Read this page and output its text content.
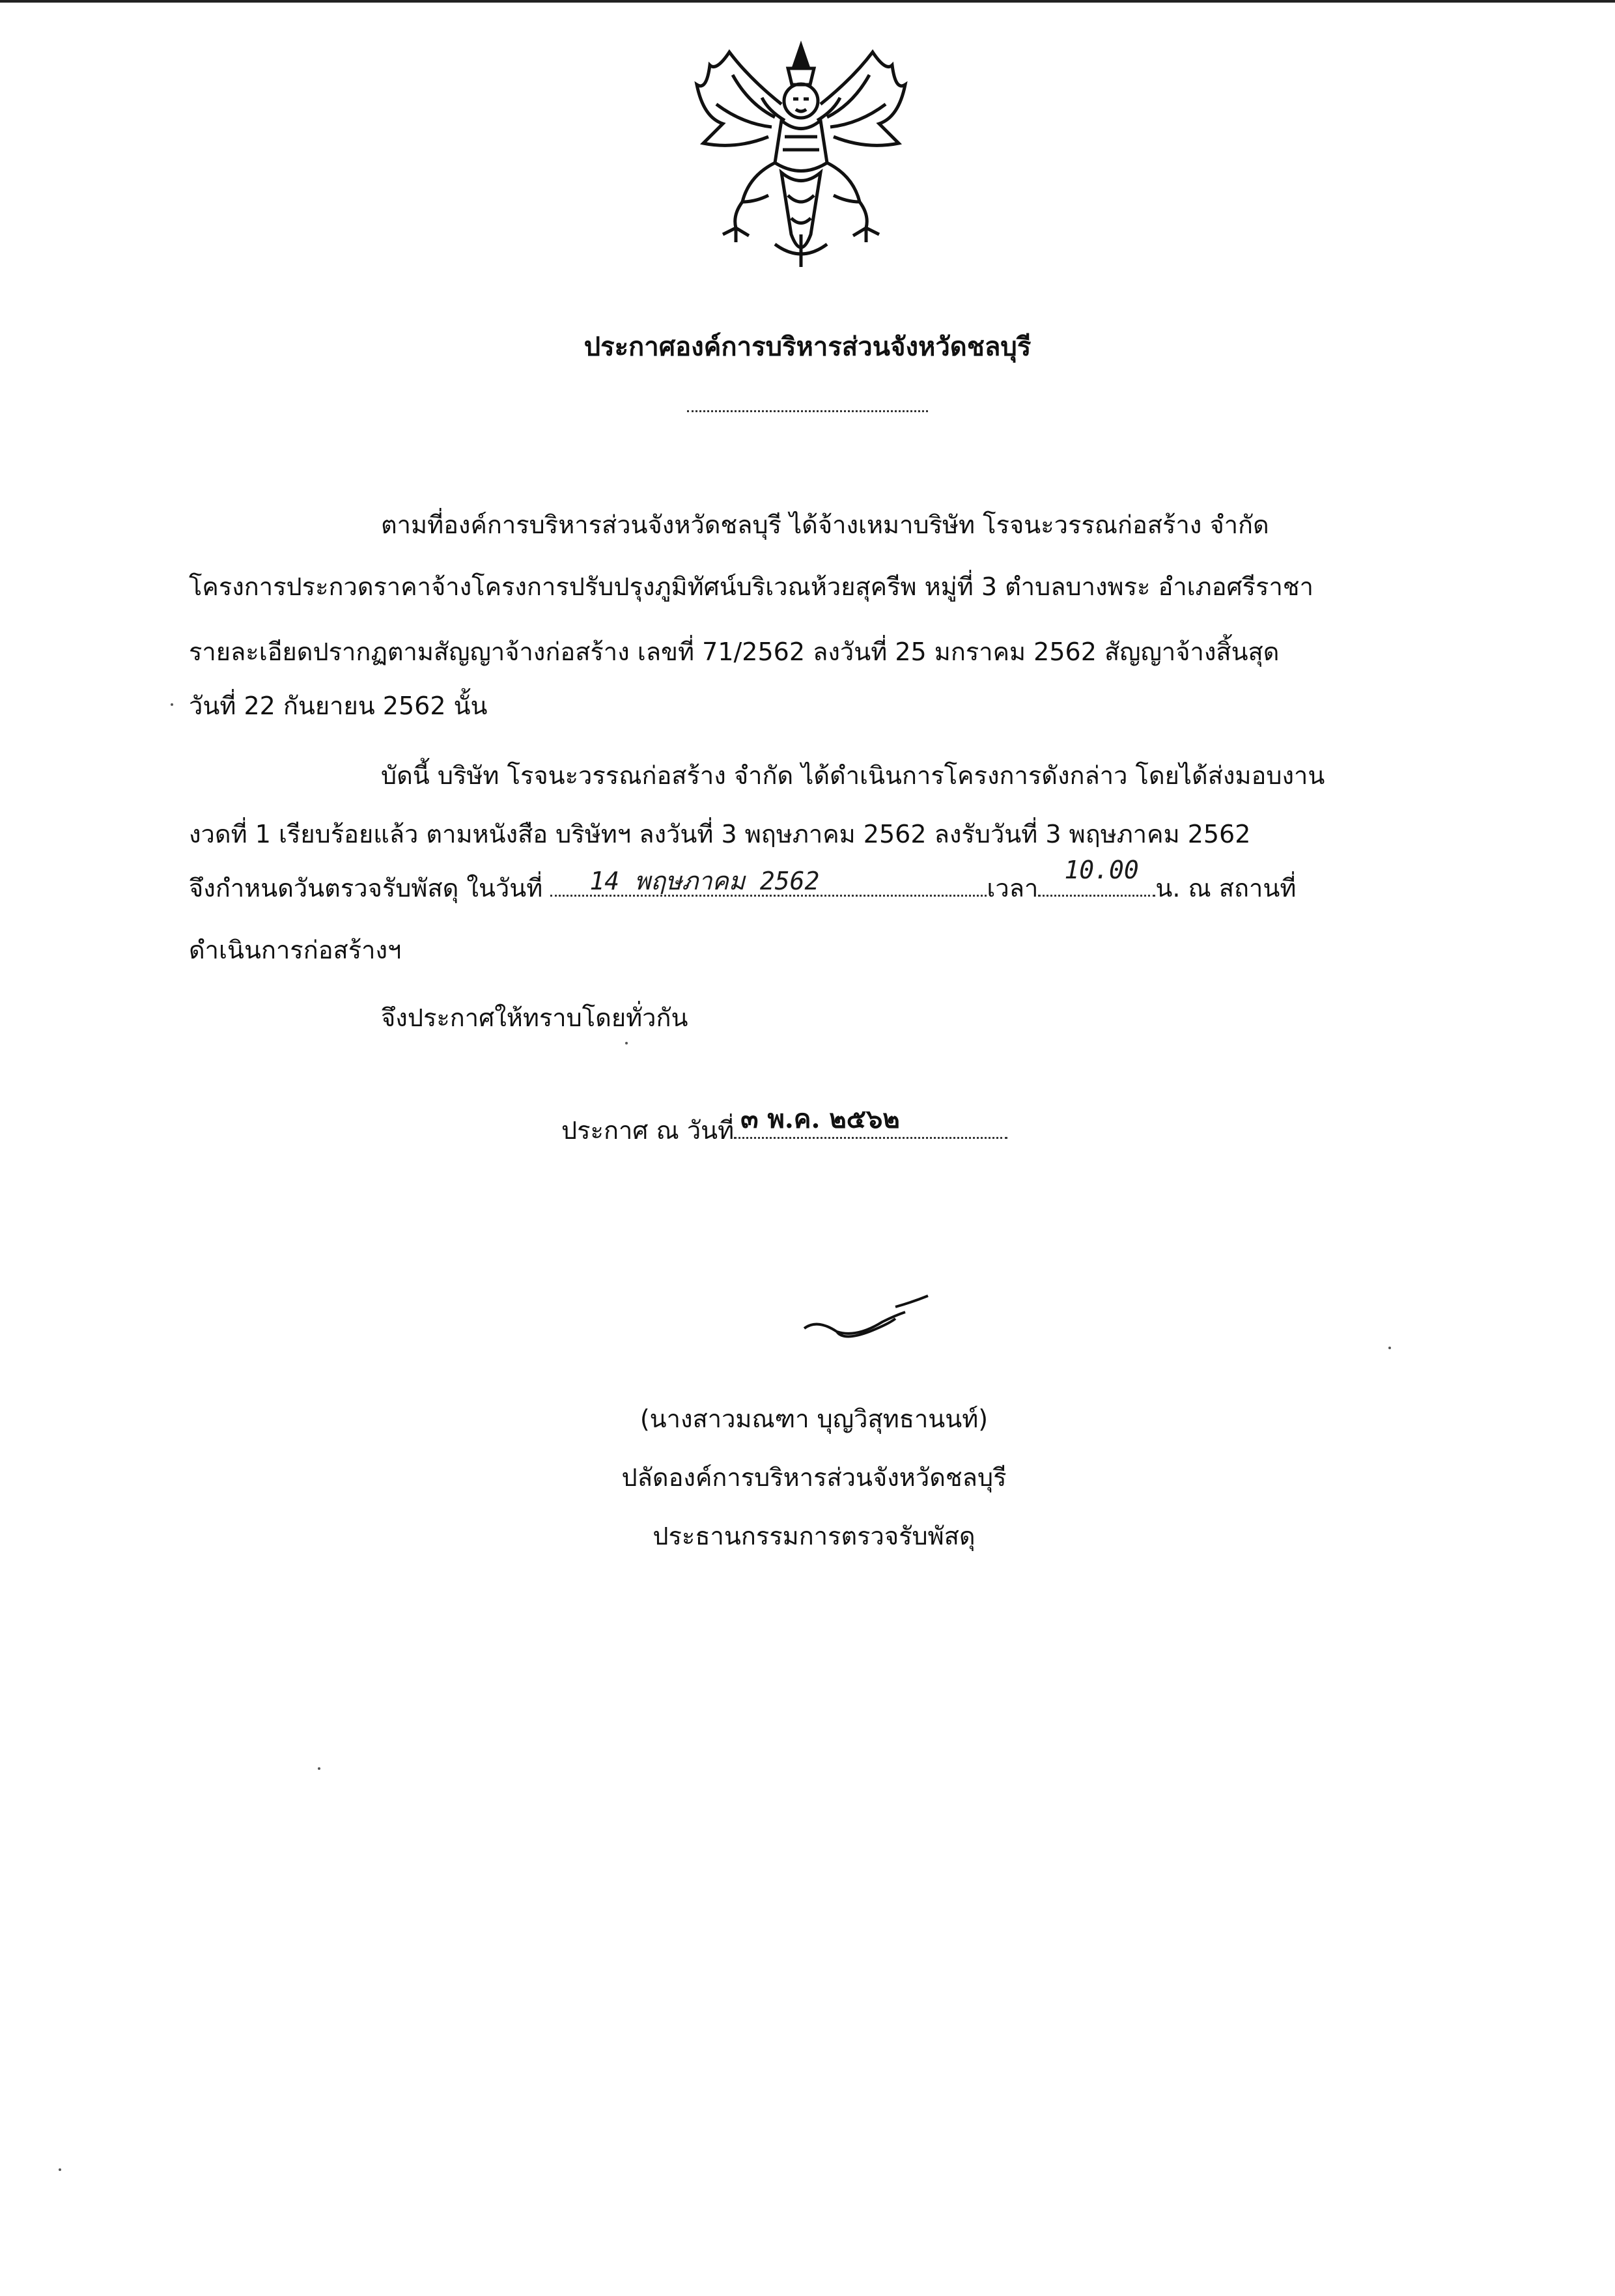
ประกาศองค์การบริหารส่วนจังหวัดชลบุรี
ตามที่องค์การบริหารส่วนจังหวัดชลบุรี ได้จ้างเหมาบริษัท โรจนะวรรณก่อสร้าง จำกัด
โครงการประกวดราคาจ้างโครงการปรับปรุงภูมิทัศน์บริเวณห้วยสุครีพ หมู่ที่ 3 ตำบลบางพระ อำเภอศรีราชา
รายละเอียดปรากฏตามสัญญาจ้างก่อสร้าง เลขที่ 71/2562 ลงวันที่ 25 มกราคม 2562 สัญญาจ้างสิ้นสุด
วันที่ 22 กันยายน 2562 นั้น
บัดนี้ บริษัท โรจนะวรรณก่อสร้าง จำกัด ได้ดำเนินการโครงการดังกล่าว โดยได้ส่งมอบงาน
งวดที่ 1 เรียบร้อยแล้ว ตามหนังสือ บริษัทฯ ลงวันที่ 3 พฤษภาคม 2562 ลงรับวันที่ 3 พฤษภาคม 2562
จึงกำหนดวันตรวจรับพัสดุ ในวันที่ 14 พฤษภาคม 2562	เวลา
10.00
น. ณ สถานที่
ดำเนินการก่อสร้างฯ
จึงประกาศให้ทราบโดยทั่วกัน
ประกาศ ณ วันที่ ๓ พ.ค. ๒๕๖๒
(นางสาวมณฑา บุญวิสุทธานนท์)
ปลัดองค์การบริหารส่วนจังหวัดชลบุรี
ประธานกรรมการตรวจรับพัสดุ
